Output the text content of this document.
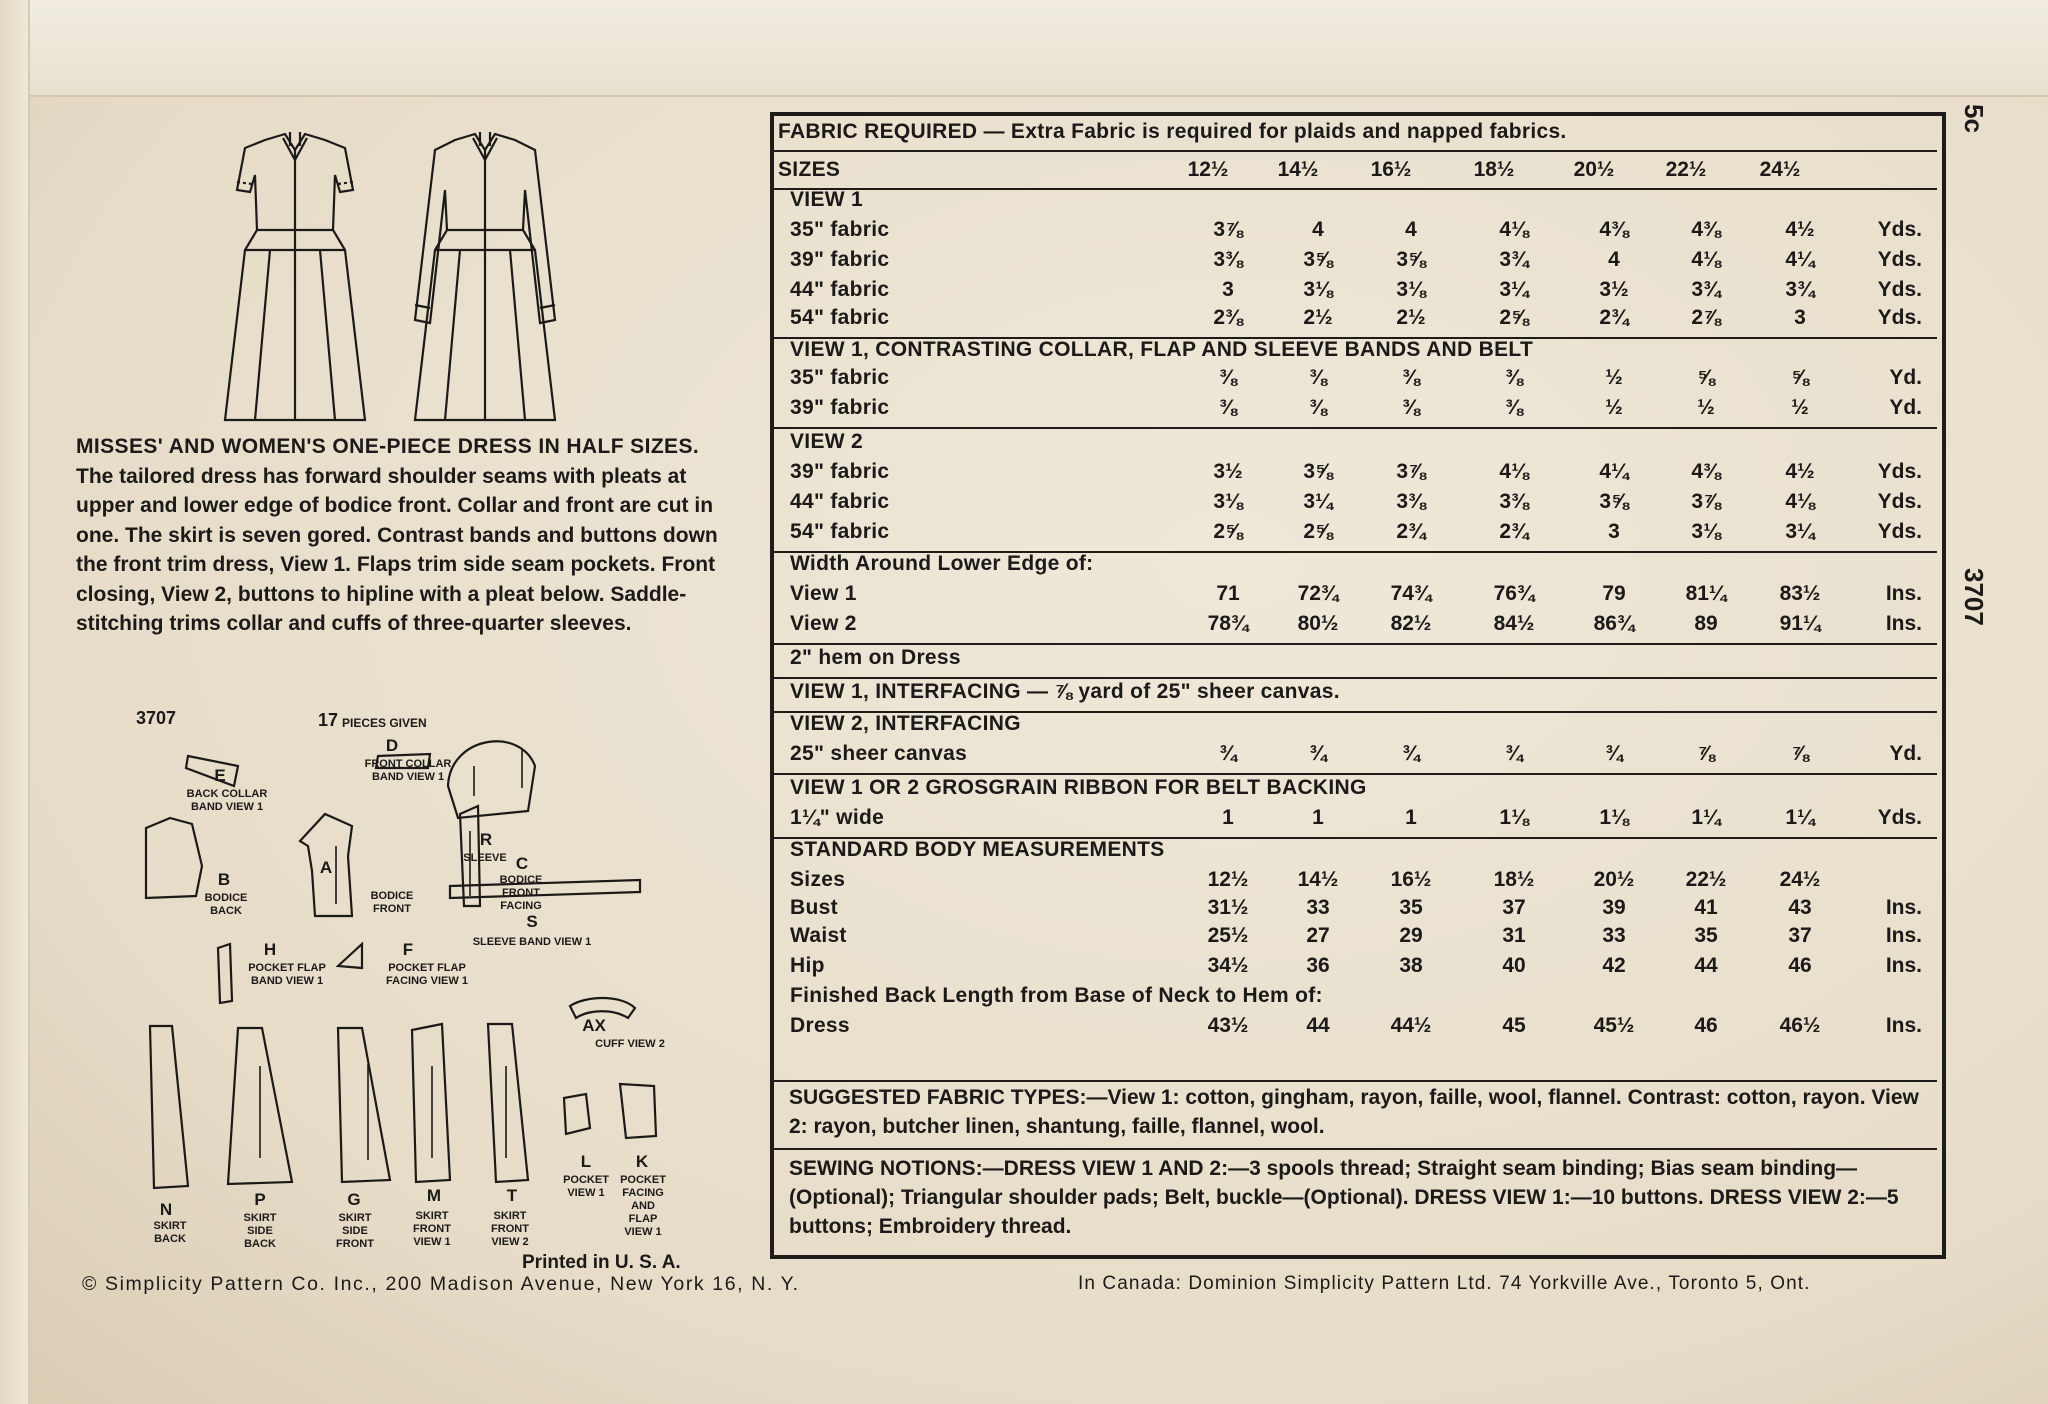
MISSES' AND WOMEN'S ONE-PIECE DRESS IN HALF SIZES. The tailored dress has forward shoulder seams with pleats at upper and lower edge of bodice front. Collar and front are cut in one. The skirt is seven gored. Contrast bands and buttons down the front trim dress, View 1. Flaps trim side seam pockets. Front closing, View 2, buttons to hipline with a pleat below. Saddle-stitching trims collar and cuffs of three-quarter sleeves.
3707	17 PIECES GIVEN
E
BACK COLLAR BAND VIEW 1
D
FRONT COLLAR BAND VIEW 1
R
SLEEVE
B
BODICE BACK
A
BODICE FRONT
C
BODICE FRONT FACING
S
SLEEVE BAND VIEW 1
H
POCKET FLAP BAND VIEW 1
F
POCKET FLAP FACING VIEW 1
AX
CUFF VIEW 2
N
SKIRT BACK
P
SKIRT SIDE BACK
G
SKIRT SIDE FRONT
M
SKIRT FRONT VIEW 1
T
SKIRT FRONT VIEW 2
L
POCKET VIEW 1
K
POCKET FACING AND FLAP VIEW 1
Printed in U. S. A.
© Simplicity Pattern Co. Inc., 200 Madison Avenue, New York 16, N. Y.	In Canada: Dominion Simplicity Pattern Ltd. 74 Yorkville Ave., Toronto 5, Ont.
5c
3707
FABRIC REQUIRED — Extra Fabric is required for plaids and napped fabrics.
SIZES	12½	14½	16½	18½	20½	22½	24½
VIEW 1
35" fabric	3⅞	4	4	4⅛	4⅜	4⅜	4½	Yds.
39" fabric	3⅜	3⅝	3⅝	3¾	4	4⅛	4¼	Yds.
44" fabric	3	3⅛	3⅛	3¼	3½	3¾	3¾	Yds.
54" fabric	2⅜	2½	2½	2⅝	2¾	2⅞	3	Yds.
VIEW 1, CONTRASTING COLLAR, FLAP AND SLEEVE BANDS AND BELT
35" fabric	⅜	⅜	⅜	⅜	½	⅝	⅝	Yd.
39" fabric	⅜	⅜	⅜	⅜	½	½	½	Yd.
VIEW 2
39" fabric	3½	3⅝	3⅞	4⅛	4¼	4⅜	4½	Yds.
44" fabric	3⅛	3¼	3⅜	3⅜	3⅝	3⅞	4⅛	Yds.
54" fabric	2⅝	2⅝	2¾	2¾	3	3⅛	3¼	Yds.
Width Around Lower Edge of:
View 1	71	72¾	74¾	76¾	79	81¼	83½	Ins.
View 2	78¾	80½	82½	84½	86¾	89	91¼	Ins.
2" hem on Dress
VIEW 1, INTERFACING — ⅞ yard of 25" sheer canvas.
VIEW 2, INTERFACING
25" sheer canvas	¾	¾	¾	¾	¾	⅞	⅞	Yd.
VIEW 1 OR 2 GROSGRAIN RIBBON FOR BELT BACKING
1¼" wide	1	1	1	1⅛	1⅛	1¼	1¼	Yds.
STANDARD BODY MEASUREMENTS
Sizes	12½	14½	16½	18½	20½	22½	24½
Bust	31½	33	35	37	39	41	43	Ins.
Waist	25½	27	29	31	33	35	37	Ins.
Hip	34½	36	38	40	42	44	46	Ins.
Finished Back Length from Base of Neck to Hem of:
Dress	43½	44	44½	45	45½	46	46½	Ins.
SUGGESTED FABRIC TYPES:—View 1: cotton, gingham, rayon, faille, wool, flannel. Contrast: cotton, rayon. View 2: rayon, butcher linen, shantung, faille, flannel, wool.
SEWING NOTIONS:—DRESS VIEW 1 AND 2:—3 spools thread; Straight seam binding; Bias seam binding—(Optional); Triangular shoulder pads; Belt, buckle—(Optional). DRESS VIEW 1:—10 buttons. DRESS VIEW 2:—5 buttons; Embroidery thread.
